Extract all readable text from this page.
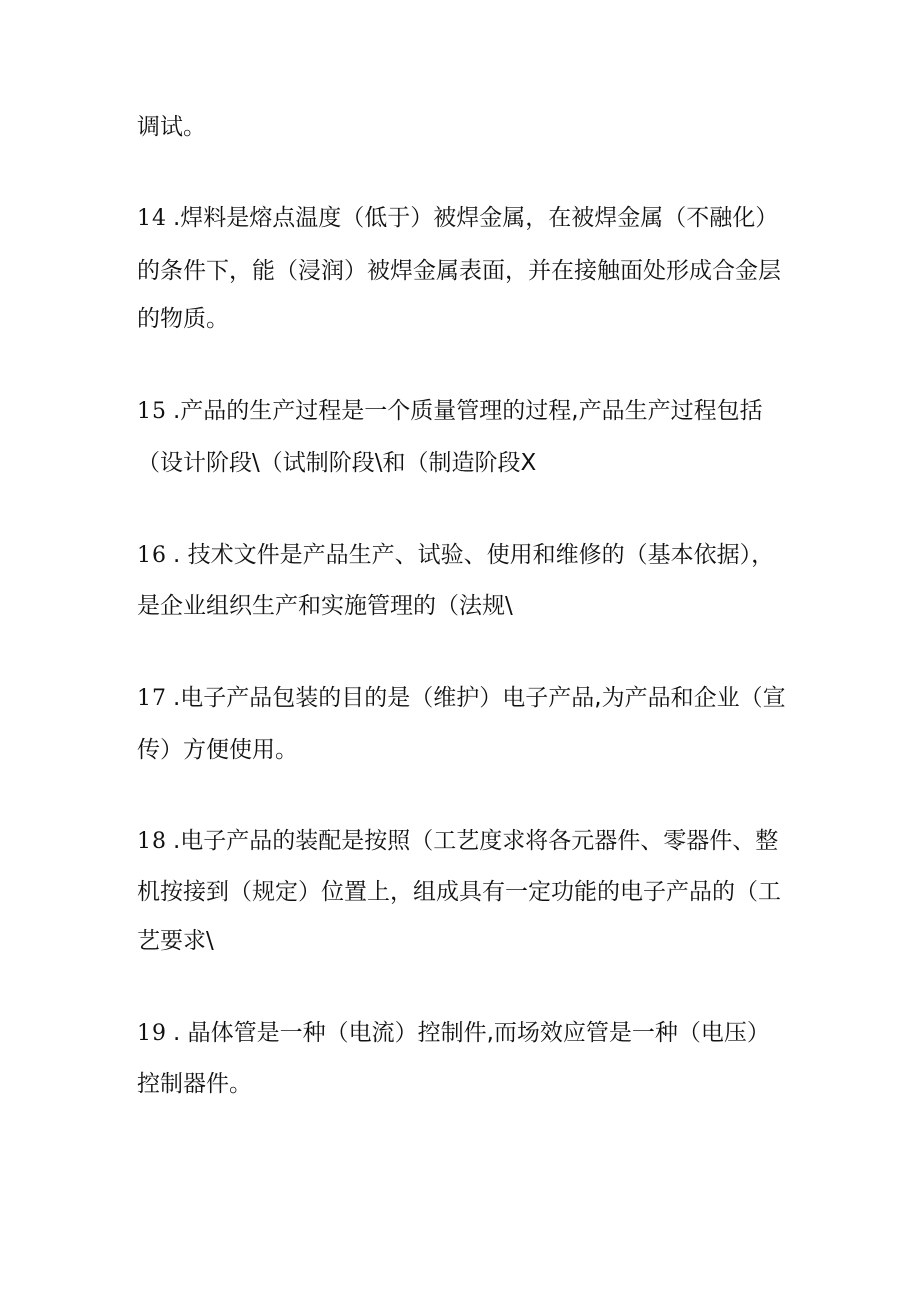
调试。
14 .焊料是熔点温度（低于）被焊金属，在被焊金属（不融化）
的条件下，能（浸润）被焊金属表面，并在接触面处形成合金层
的物质。
15 .产品的生产过程是一个质量管理的过程,产品生产过程包括
（设计阶段\（试制阶段\和（制造阶段X
16 . 技术文件是产品生产、试验、使用和维修的（基本依据），
是企业组织生产和实施管理的（法规\
17 .电子产品包装的目的是（维护）电子产品,为产品和企业（宣
传）方便使用。
18 .电子产品的装配是按照（工艺度求将各元器件、零器件、整
机按接到（规定）位置上，组成具有一定功能的电子产品的（工
艺要求\
19 . 晶体管是一种（电流）控制件,而场效应管是一种（电压）
控制器件。
